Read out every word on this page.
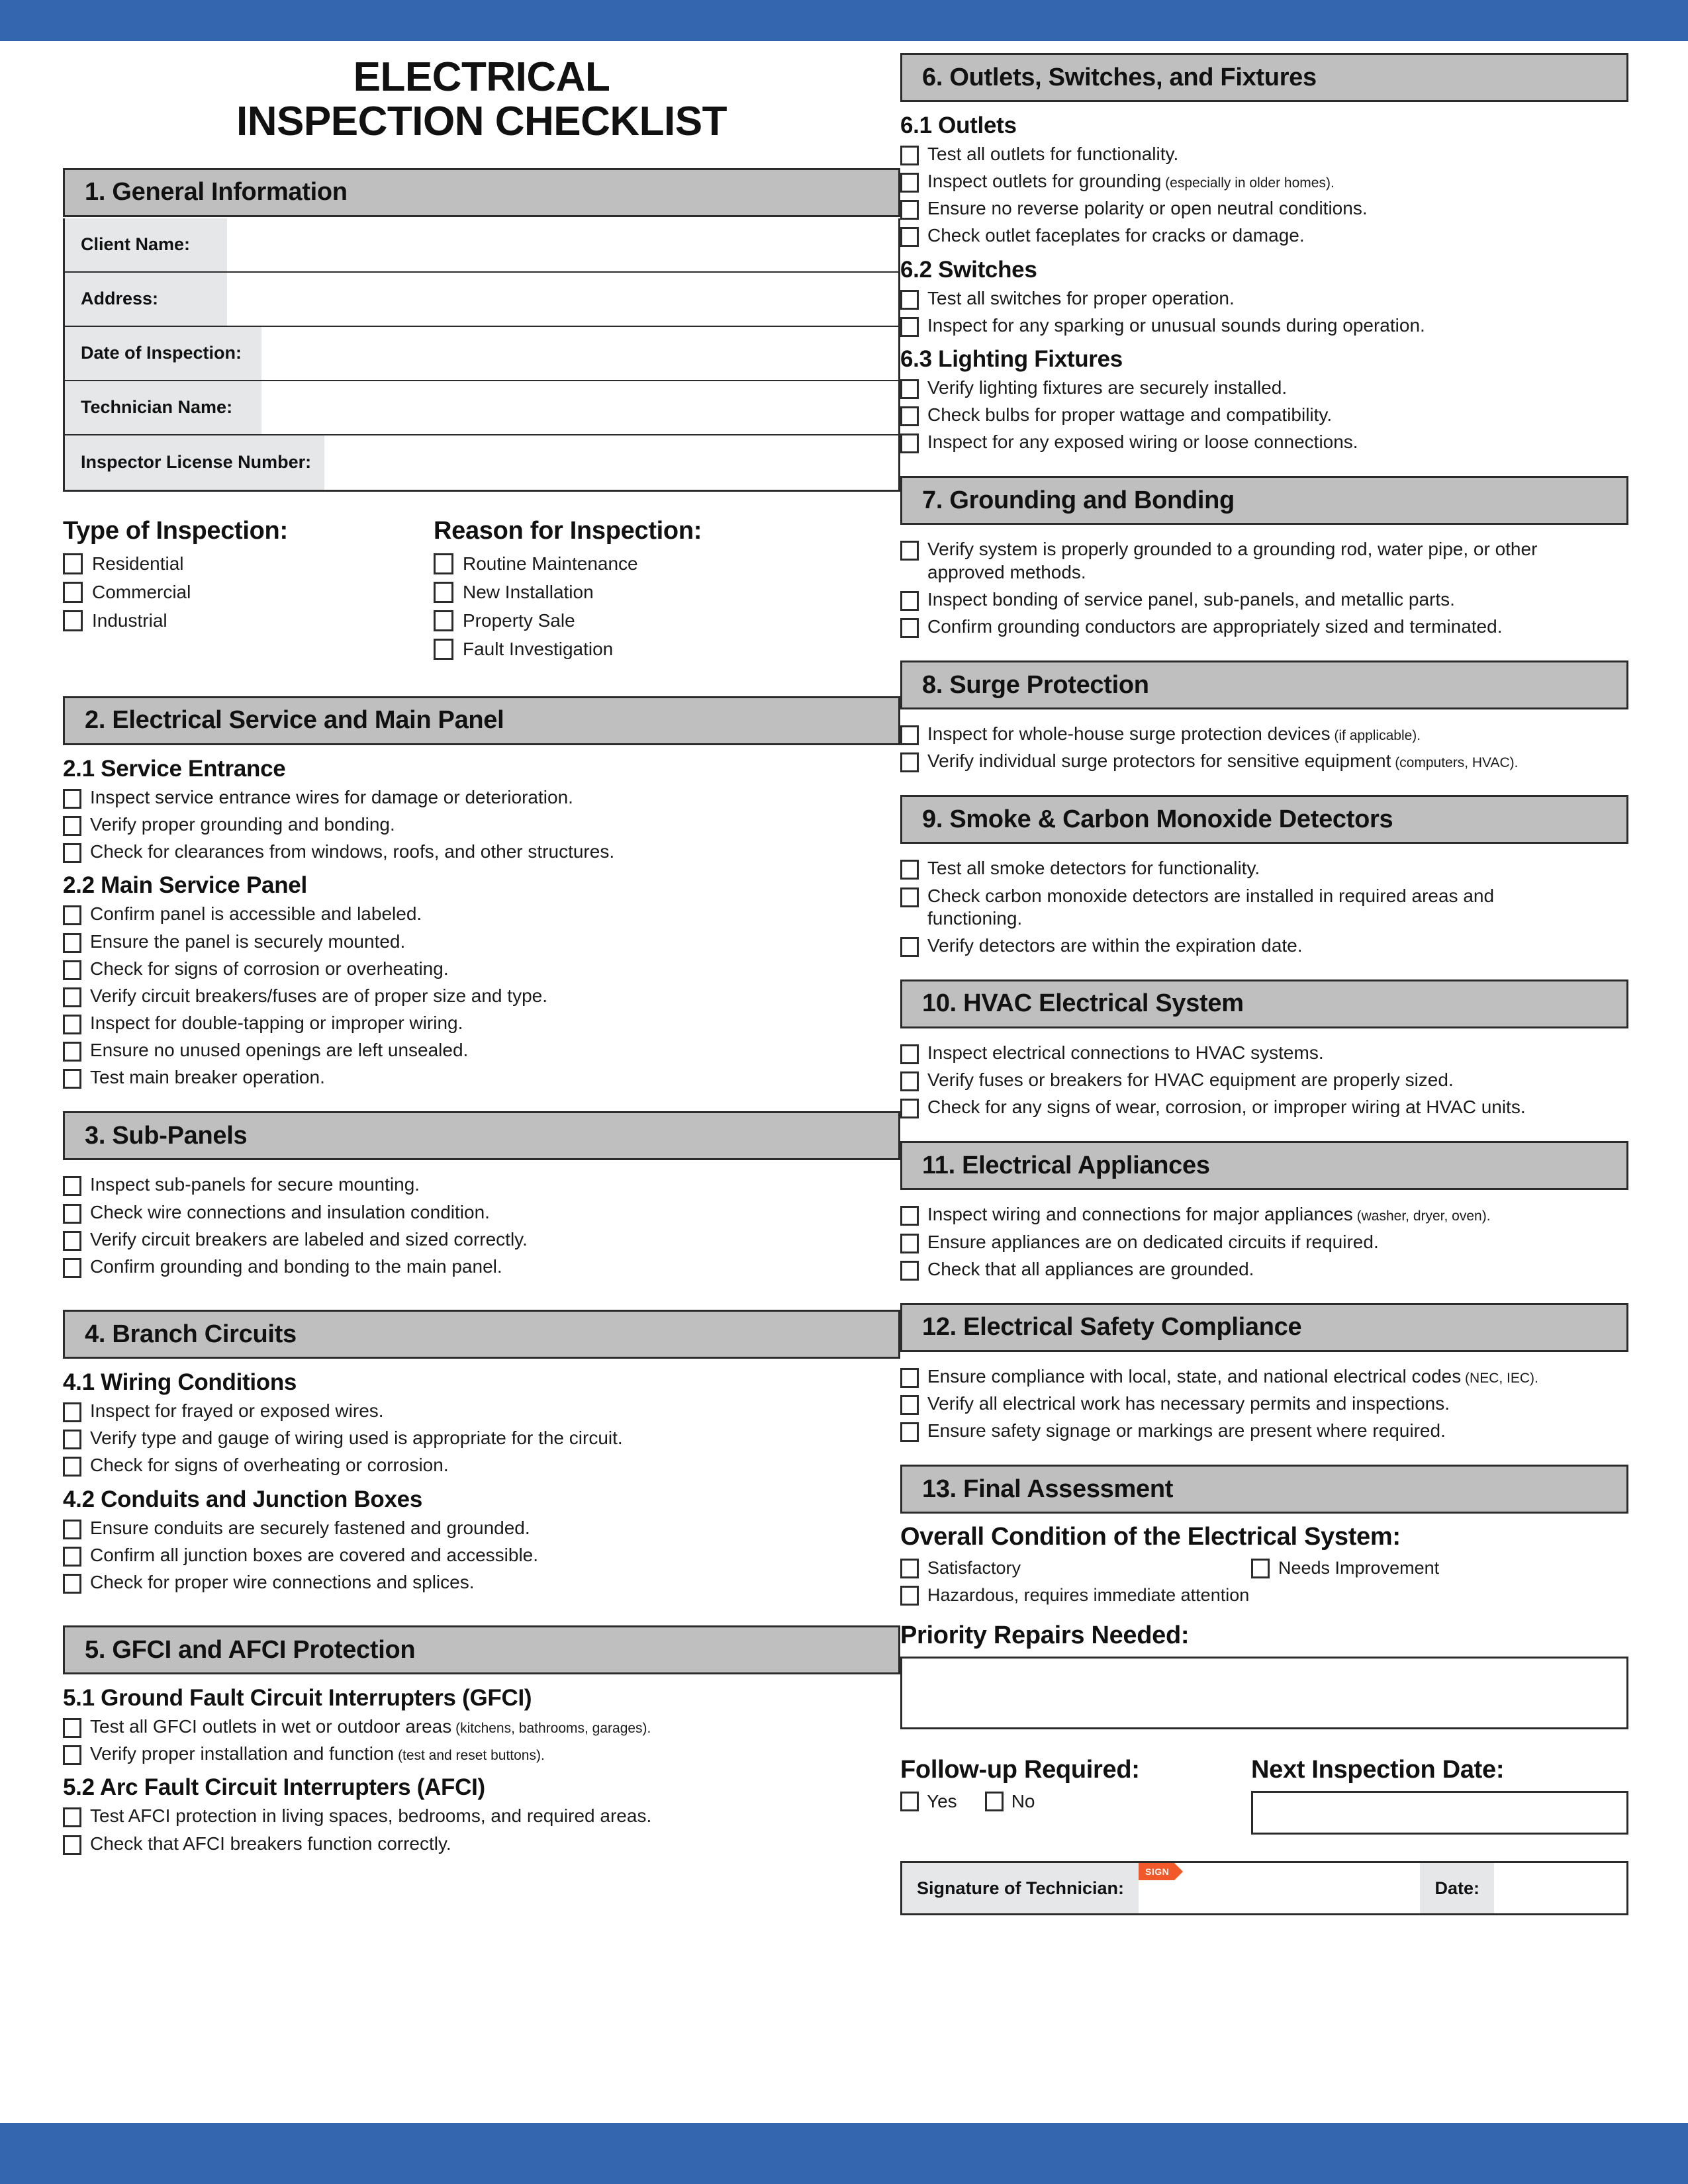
ELECTRICAL
INSPECTION CHECKLIST
1. General Information
Client Name:
Address:
Date of Inspection:
Technician Name:
Inspector License Number:
Type of Inspection:
Residential
Commercial
Industrial
Reason for Inspection:
Routine Maintenance
New Installation
Property Sale
Fault Investigation
2. Electrical Service and Main Panel
2.1 Service Entrance
Inspect service entrance wires for damage or deterioration.
Verify proper grounding and bonding.
Check for clearances from windows, roofs, and other structures.
2.2 Main Service Panel
Confirm panel is accessible and labeled.
Ensure the panel is securely mounted.
Check for signs of corrosion or overheating.
Verify circuit breakers/fuses are of proper size and type.
Inspect for double-tapping or improper wiring.
Ensure no unused openings are left unsealed.
Test main breaker operation.
3. Sub-Panels
Inspect sub-panels for secure mounting.
Check wire connections and insulation condition.
Verify circuit breakers are labeled and sized correctly.
Confirm grounding and bonding to the main panel.
4. Branch Circuits
4.1 Wiring Conditions
Inspect for frayed or exposed wires.
Verify type and gauge of wiring used is appropriate for the circuit.
Check for signs of overheating or corrosion.
4.2 Conduits and Junction Boxes
Ensure conduits are securely fastened and grounded.
Confirm all junction boxes are covered and accessible.
Check for proper wire connections and splices.
5. GFCI and AFCI Protection
5.1 Ground Fault Circuit Interrupters (GFCI)
Test all GFCI outlets in wet or outdoor areas (kitchens, bathrooms, garages).
Verify proper installation and function (test and reset buttons).
5.2 Arc Fault Circuit Interrupters (AFCI)
Test AFCI protection in living spaces, bedrooms, and required areas.
Check that AFCI breakers function correctly.
6. Outlets, Switches, and Fixtures
6.1 Outlets
Test all outlets for functionality.
Inspect outlets for grounding (especially in older homes).
Ensure no reverse polarity or open neutral conditions.
Check outlet faceplates for cracks or damage.
6.2 Switches
Test all switches for proper operation.
Inspect for any sparking or unusual sounds during operation.
6.3 Lighting Fixtures
Verify lighting fixtures are securely installed.
Check bulbs for proper wattage and compatibility.
Inspect for any exposed wiring or loose connections.
7. Grounding and Bonding
Verify system is properly grounded to a grounding rod, water pipe, or other approved methods.
Inspect bonding of service panel, sub-panels, and metallic parts.
Confirm grounding conductors are appropriately sized and terminated.
8. Surge Protection
Inspect for whole-house surge protection devices (if applicable).
Verify individual surge protectors for sensitive equipment (computers, HVAC).
9. Smoke & Carbon Monoxide Detectors
Test all smoke detectors for functionality.
Check carbon monoxide detectors are installed in required areas and functioning.
Verify detectors are within the expiration date.
10. HVAC Electrical System
Inspect electrical connections to HVAC systems.
Verify fuses or breakers for HVAC equipment are properly sized.
Check for any signs of wear, corrosion, or improper wiring at HVAC units.
11. Electrical Appliances
Inspect wiring and connections for major appliances (washer, dryer, oven).
Ensure appliances are on dedicated circuits if required.
Check that all appliances are grounded.
12. Electrical Safety Compliance
Ensure compliance with local, state, and national electrical codes (NEC, IEC).
Verify all electrical work has necessary permits and inspections.
Ensure safety signage or markings are present where required.
13. Final Assessment
Overall Condition of the Electrical System:
Satisfactory	Needs Improvement
Hazardous, requires immediate attention
Priority Repairs Needed:
Follow-up Required:
Yes	No
Next Inspection Date:
Signature of Technician:
SIGN
Date:
